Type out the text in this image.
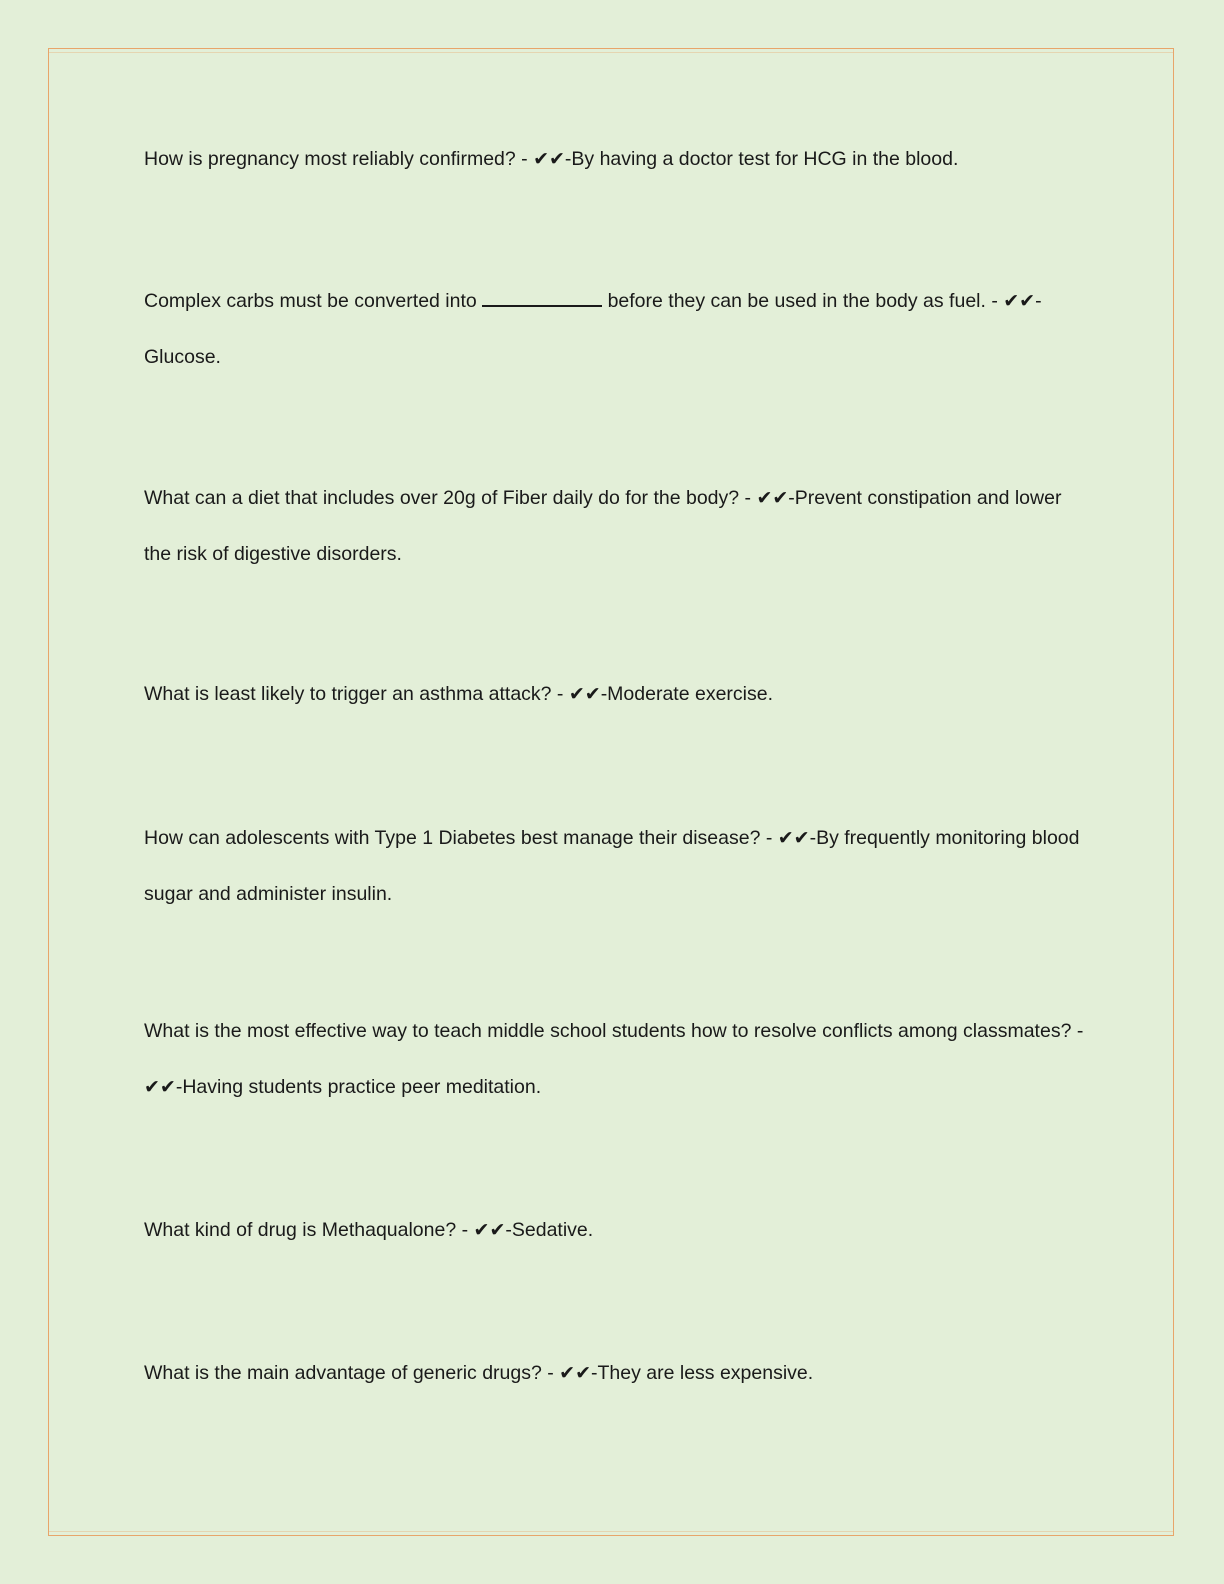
How is pregnancy most reliably confirmed? - ✔✔-By having a doctor test for HCG in the blood.

Complex carbs must be converted into	before they can be used in the body as fuel. - ✔✔-Glucose.

What can a diet that includes over 20g of Fiber daily do for the body? - ✔✔-Prevent constipation and lower the risk of digestive disorders.

What is least likely to trigger an asthma attack? - ✔✔-Moderate exercise.

How can adolescents with Type 1 Diabetes best manage their disease? - ✔✔-By frequently monitoring blood sugar and administer insulin.

What is the most effective way to teach middle school students how to resolve conflicts among classmates? - ✔✔-Having students practice peer meditation.

What kind of drug is Methaqualone? - ✔✔-Sedative.

What is the main advantage of generic drugs? - ✔✔-They are less expensive.
